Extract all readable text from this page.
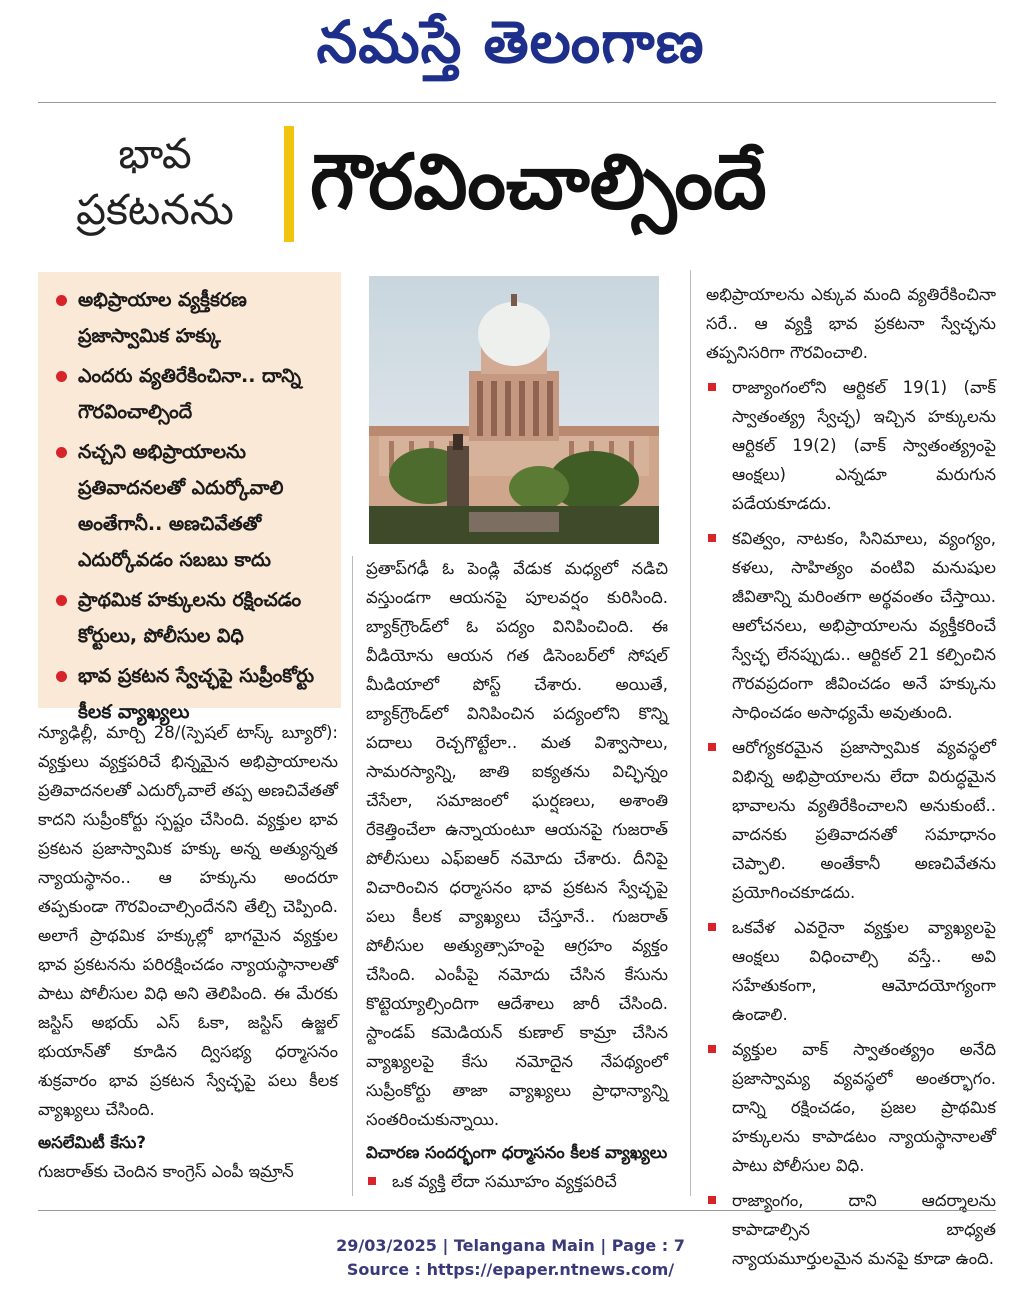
నమస్తే తెలంగాణ
భావ
ప్రకటనను	గౌరవించాల్సిందే
అభిప్రాయాల వ్యక్తీకరణ ప్రజాస్వామిక హక్కు
ఎందరు వ్యతిరేకించినా.. దాన్ని గౌరవించాల్సిందే
నచ్చని అభిప్రాయాలను ప్రతివాదనలతో ఎదుర్కోవాలి అంతేగానీ.. అణచివేతతో ఎదుర్కోవడం సబబు కాదు
ప్రాథమిక హక్కులను రక్షించడం కోర్టులు, పోలీసుల విధి
భావ ప్రకటన స్వేచ్ఛపై సుప్రీంకోర్టు కీలక వ్యాఖ్యలు
న్యూఢిల్లీ, మార్చి 28/(స్పెషల్ టాస్క్ బ్యూరో): వ్యక్తులు వ్యక్తపరిచే భిన్నమైన అభిప్రాయాలను ప్రతివాదనలతో ఎదుర్కోవాలే తప్ప అణచివేతతో కాదని సుప్రీంకోర్టు స్పష్టం చేసింది. వ్యక్తుల భావ ప్రకటన ప్రజాస్వామిక హక్కు అన్న అత్యున్నత న్యాయస్థానం.. ఆ హక్కును అందరూ తప్పకుండా గౌరవించాల్సిందేనని తేల్చి చెప్పింది. అలాగే ప్రాథమిక హక్కుల్లో భాగమైన వ్యక్తుల భావ ప్రకటనను పరిరక్షించడం న్యాయస్థానాలతో పాటు పోలీసుల విధి అని తెలిపింది. ఈ మేరకు జస్టిస్ అభయ్ ఎస్ ఓకా, జస్టిస్ ఉజ్జల్ భుయాన్‌తో కూడిన ద్విసభ్య ధర్మాసనం శుక్రవారం భావ ప్రకటన స్వేచ్ఛపై పలు కీలక వ్యాఖ్యలు చేసింది.
అసలేమిటీ కేసు?
గుజరాత్‌కు చెందిన కాంగ్రెస్ ఎంపీ ఇమ్రాన్
ప్రతాప్‌గఢీ ఓ పెండ్లి వేడుక మధ్యలో నడిచి వస్తుండగా ఆయనపై పూలవర్షం కురిసింది. బ్యాక్‌గ్రౌండ్‌లో ఓ పద్యం వినిపించింది. ఈ వీడియోను ఆయన గత డిసెంబర్‌లో సోషల్ మీడియాలో పోస్ట్ చేశారు. అయితే, బ్యాక్‌గ్రౌండ్‌లో వినిపించిన పద్యంలోని కొన్ని పదాలు రెచ్చగొట్టేలా.. మత విశ్వాసాలు, సామరస్యాన్ని, జాతి ఐక్యతను విచ్ఛిన్నం చేసేలా, సమాజంలో ఘర్షణలు, అశాంతి రేకెత్తించేలా ఉన్నాయంటూ ఆయనపై గుజరాత్ పోలీసులు ఎఫ్‌ఐఆర్ నమోదు చేశారు. దీనిపై విచారించిన ధర్మాసనం భావ ప్రకటన స్వేచ్ఛపై పలు కీలక వ్యాఖ్యలు చేస్తూనే.. గుజరాత్ పోలీసుల అత్యుత్సాహంపై ఆగ్రహం వ్యక్తం చేసింది. ఎంపీపై నమోదు చేసిన కేసును కొట్టెయ్యాల్సిందిగా ఆదేశాలు జారీ చేసింది. స్టాండప్ కమెడియన్ కుణాల్ కామ్రా చేసిన వ్యాఖ్యలపై కేసు నమోదైన నేపథ్యంలో సుప్రీంకోర్టు తాజా వ్యాఖ్యలు ప్రాధాన్యాన్ని సంతరించుకున్నాయి.
విచారణ సందర్భంగా ధర్మాసనం కీలక వ్యాఖ్యలు
ఒక వ్యక్తి లేదా సమూహం వ్యక్తపరిచే
అభిప్రాయాలను ఎక్కువ మంది వ్యతిరేకించినా సరే.. ఆ వ్యక్తి భావ ప్రకటనా స్వేచ్ఛను తప్పనిసరిగా గౌరవించాలి.
రాజ్యాంగంలోని ఆర్టికల్ 19(1) (వాక్ స్వాతంత్య్ర స్వేచ్ఛ) ఇచ్చిన హక్కులను ఆర్టికల్ 19(2) (వాక్ స్వాతంత్య్రంపై ఆంక్షలు) ఎన్నడూ మరుగున పడేయకూడదు.
కవిత్వం, నాటకం, సినిమాలు, వ్యంగ్యం, కళలు, సాహిత్యం వంటివి మనుషుల జీవితాన్ని మరింతగా అర్థవంతం చేస్తాయి. ఆలోచనలు, అభిప్రాయాలను వ్యక్తీకరించే స్వేచ్ఛ లేనప్పుడు.. ఆర్టికల్ 21 కల్పించిన గౌరవప్రదంగా జీవించడం అనే హక్కును సాధించడం అసాధ్యమే అవుతుంది.
ఆరోగ్యకరమైన ప్రజాస్వామిక వ్యవస్థలో విభిన్న అభిప్రాయాలను లేదా విరుద్ధమైన భావాలను వ్యతిరేకించాలని అనుకుంటే.. వాదనకు ప్రతివాదనతో సమాధానం చెప్పాలి. అంతేకానీ అణచివేతను ప్రయోగించకూడదు.
ఒకవేళ ఎవరైనా వ్యక్తుల వ్యాఖ్యలపై ఆంక్షలు విధించాల్సి వస్తే.. అవి సహేతుకంగా, ఆమోదయోగ్యంగా ఉండాలి.
వ్యక్తుల వాక్ స్వాతంత్య్రం అనేది ప్రజాస్వామ్య వ్యవస్థలో అంతర్భాగం. దాన్ని రక్షించడం, ప్రజల ప్రాథమిక హక్కులను కాపాడటం న్యాయస్థానాలతో పాటు పోలీసుల విధి.
రాజ్యాంగం, దాని ఆదర్శాలను కాపాడాల్సిన బాధ్యత న్యాయమూర్తులమైన మనపై కూడా ఉంది.
29/03/2025 | Telangana Main | Page : 7
Source : https://epaper.ntnews.com/
